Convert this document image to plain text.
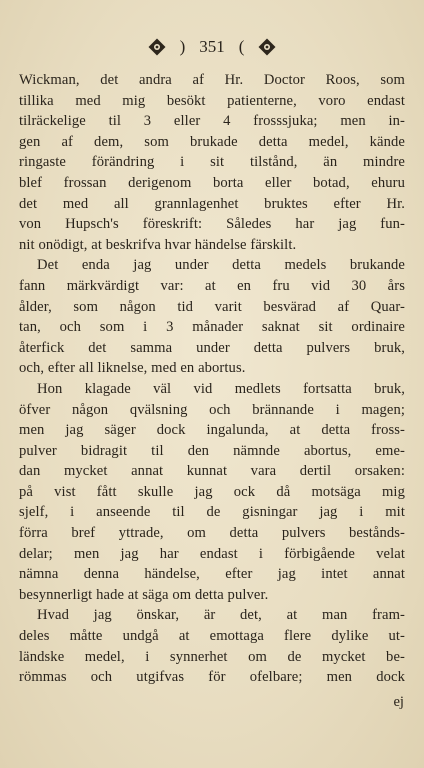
) 351 (
Wickman, det andra af Hr. Doctor Roos, som
tillika med mig besökt patienterne, voro endast
tilräckelige til 3 eller 4 frosssjuka; men in-
gen af dem, som brukade detta medel, kände
ringaste förändring i sit tilstånd, än mindre
blef frossan derigenom borta eller botad, ehuru
det med all grannlagenhet bruktes efter Hr.
von Hupsch's föreskrift: Således har jag fun-
nit onödigt, at beskrifva hvar händelse färskilt.
Det enda jag under detta medels brukande
fann märkvärdigt var: at en fru vid 30 års
ålder, som någon tid varit besvärad af Quar-
tan, och som i 3 månader saknat sit ordinaire
återfick det samma under detta pulvers bruk,
och, efter all liknelse, med en abortus.
Hon klagade väl vid medlets fortsatta bruk,
öfver någon qvälsning och brännande i magen;
men jag säger dock ingalunda, at detta fross-
pulver bidragit til den nämnde abortus, eme-
dan mycket annat kunnat vara dertil orsaken:
på vist fått skulle jag ock då motsäga mig
sjelf, i anseende til de gisningar jag i mit
förra bref yttrade, om detta pulvers bestånds-
delar; men jag har endast i förbigående velat
nämna denna händelse, efter jag intet annat
besynnerligt hade at säga om detta pulver.
Hvad jag önskar, är det, at man fram-
deles måtte undgå at emottaga flere dylike ut-
ländske medel, i synnerhet om de mycket be-
römmas och utgifvas för ofelbare; men dock
ej
